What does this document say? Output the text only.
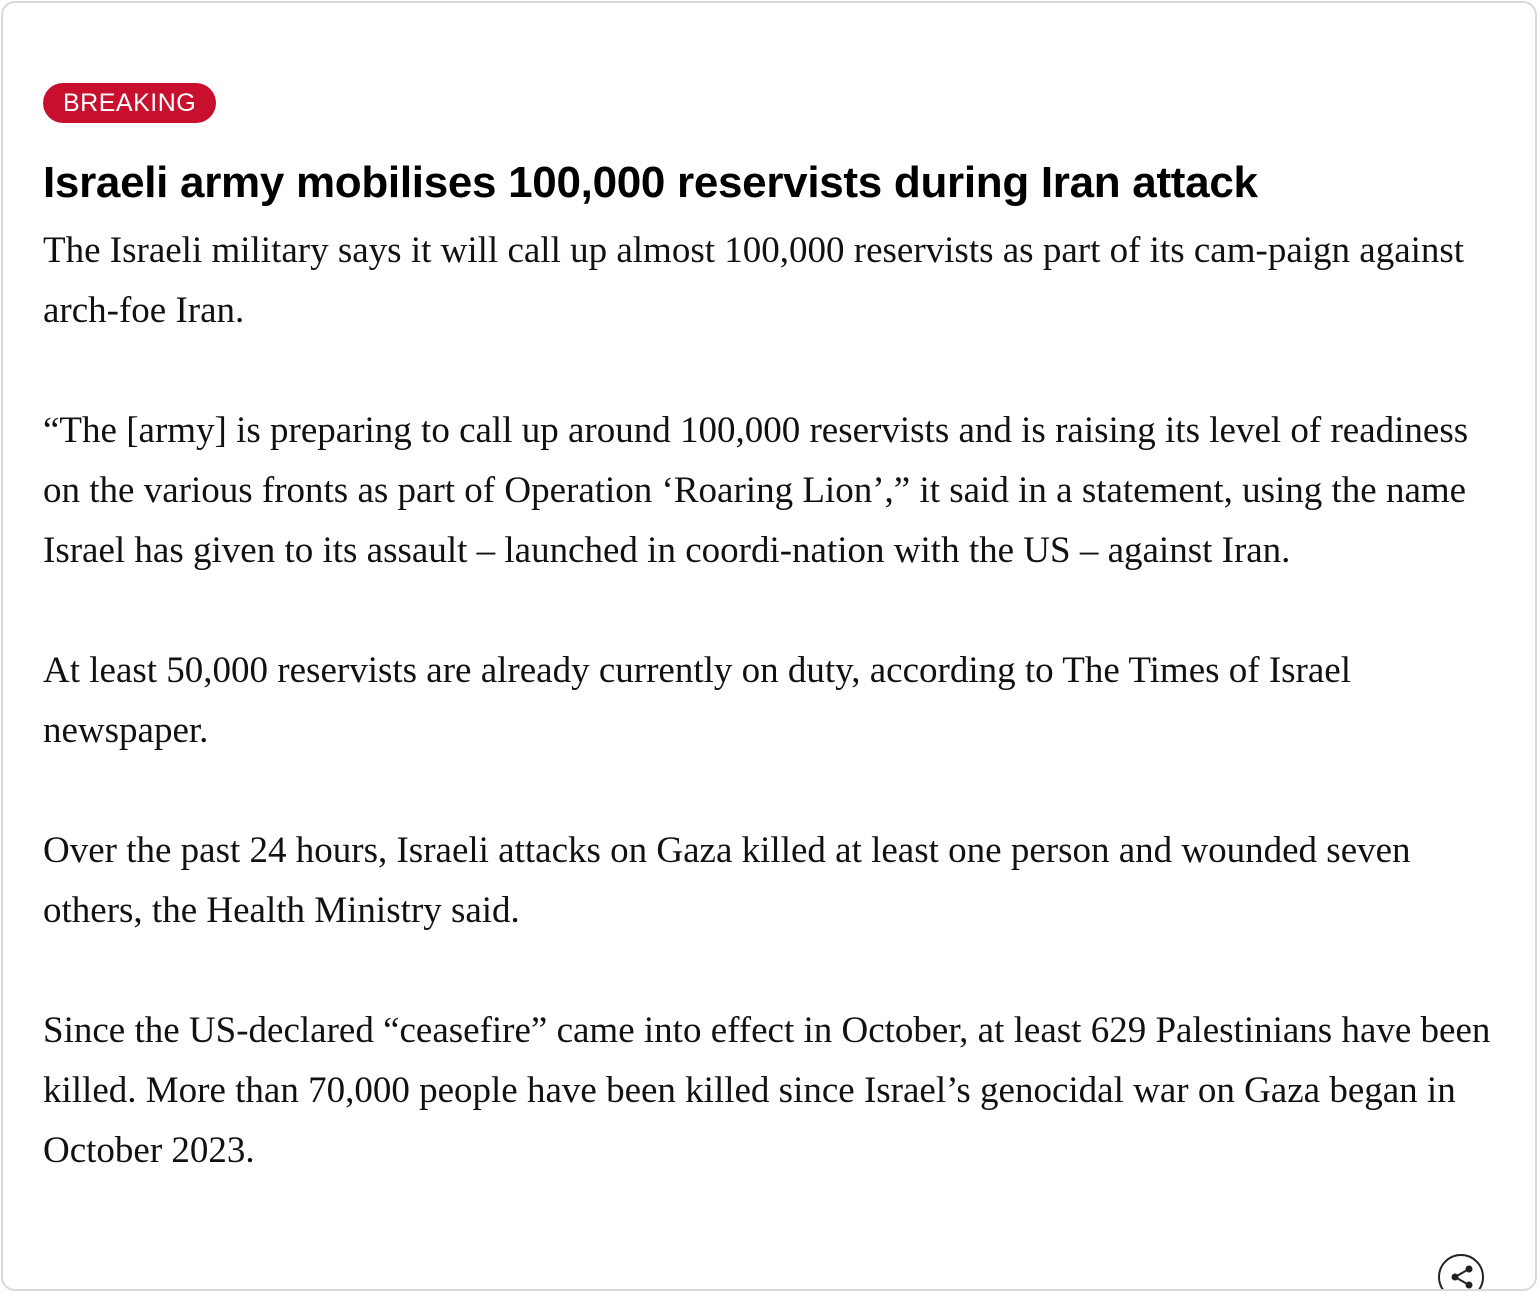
BREAKING
Israeli army mobilises 100,000 reservists during Iran attack

The Israeli military says it will call up almost 100,000 reservists as part of its cam-paign against arch-foe Iran.

“The [army] is preparing to call up around 100,000 reservists and is raising its level of readiness on the various fronts as part of Operation ‘Roaring Lion’,” it said in a statement, using the name Israel has given to its assault – launched in coordi-nation with the US – against Iran.

At least 50,000 reservists are already currently on duty, according to The Times of Israel newspaper.

Over the past 24 hours, Israeli attacks on Gaza killed at least one person and wounded seven others, the Health Ministry said.

Since the US-declared “ceasefire” came into effect in October, at least 629 Palestinians have been killed. More than 70,000 people have been killed since Israel’s genocidal war on Gaza began in October 2023.
